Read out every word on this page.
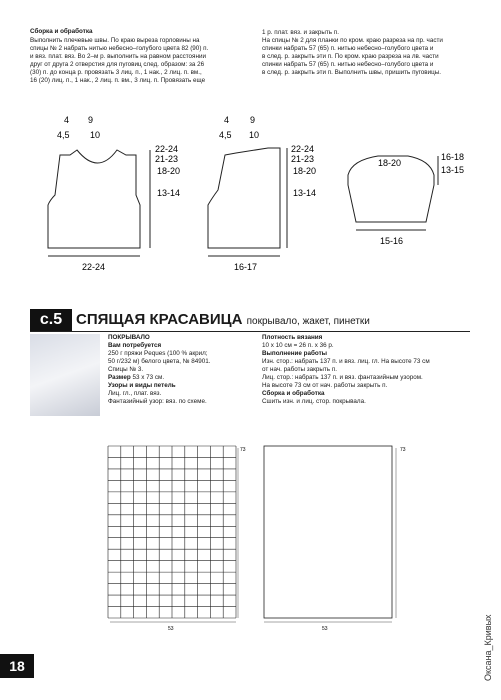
Сборка и обработка
Выполнить плечевые швы. По краю выреза горловины на
спицы № 2 набрать нитью небесно–голубого цвета 82 (90) п.
и вяз. плат. вяз. Во 2–м р. выполнить на равном расстоянии
друг от друга 2 отверстия для пуговиц след. образом: за 26
(30) п. до конца р. провязать 3 лиц. п., 1 нак., 2 лиц. п. вм.,
16 (20) лиц. п., 1 нак., 2 лиц. п. вм., 3 лиц. п. Провязать еще
1 р. плат. вяз. и закрыть п.
На спицы № 2 для планки по кром. краю разреза на пр. части
спинки набрать 57 (65) п. нитью небесно–голубого цвета и
в след. р. закрыть эти п. По кром. краю разреза на лв. части
спинки набрать 57 (65) п. нитью небесно–голубого цвета и
в след. р. закрыть эти п. Выполнить швы, пришить пуговицы.
4 9
4,5 10
22-24
21-23
18-20
13-14
22-24
4 9
4,5 10
22-24
21-23
18-20
13-14
16-17
18-20
16-18
13-15
15-16
с.5 СПЯЩАЯ КРАСАВИЦА покрывало, жакет, пинетки
ПОКРЫВАЛО
Вам потребуется
250 г пряжи Peques (100 % акрил;
50 г/232 м) белого цвета, № 84901.
Спицы № 3.
Размер 53 х 73 см.
Узоры и виды петель
Лиц. гл., плат. вяз.
Фантазийный узор: вяз. по схеме.
Плотность вязания
10 х 10 см = 26 п. х 36 р.
Выполнение работы
Изн. стор.: набрать 137 п. и вяз. лиц. гл. На высоте 73 см
от нач. работы закрыть п.
Лиц. стор.: набрать 137 п. и вяз. фантазийным узором.
На высоте 73 см от нач. работы закрыть п.
Сборка и обработка
Сшить изн. и лиц. стор. покрывала.
73
53
73
53
18	Оксана_Кривых
